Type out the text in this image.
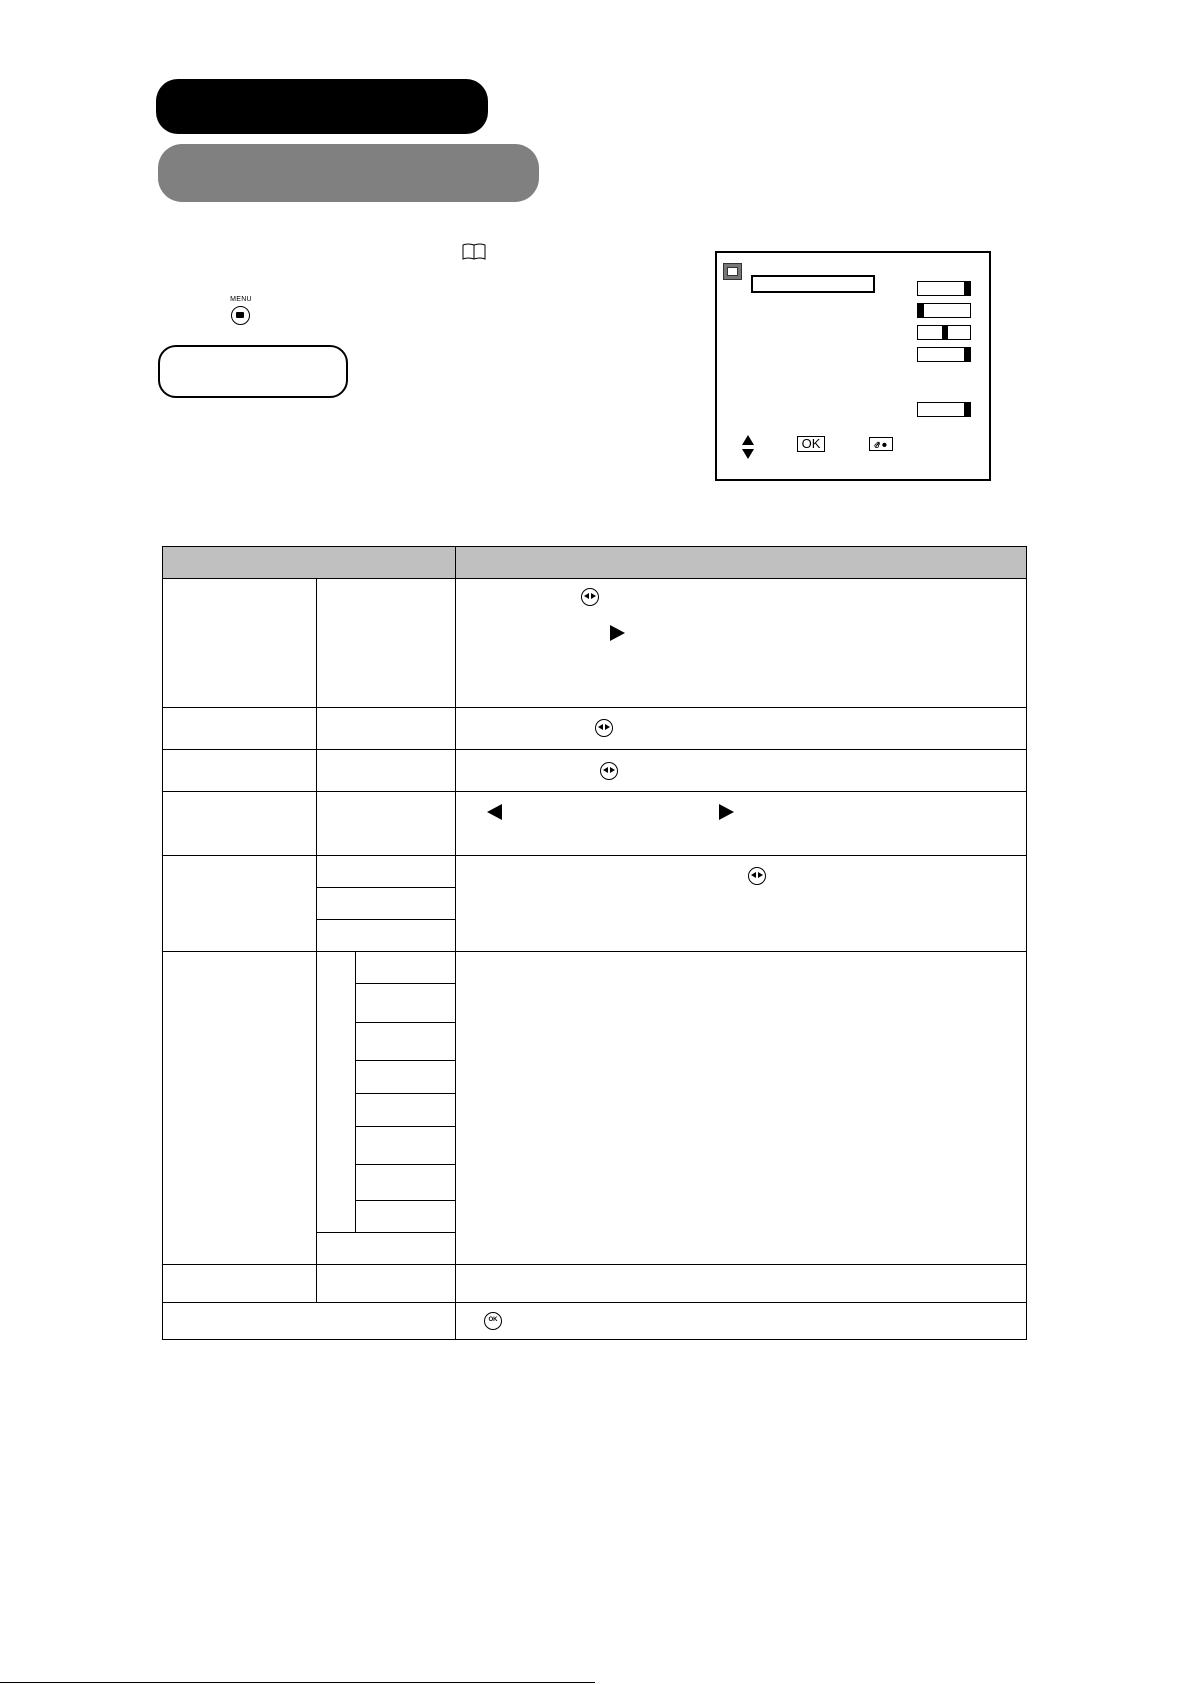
MENU
OK
OK
